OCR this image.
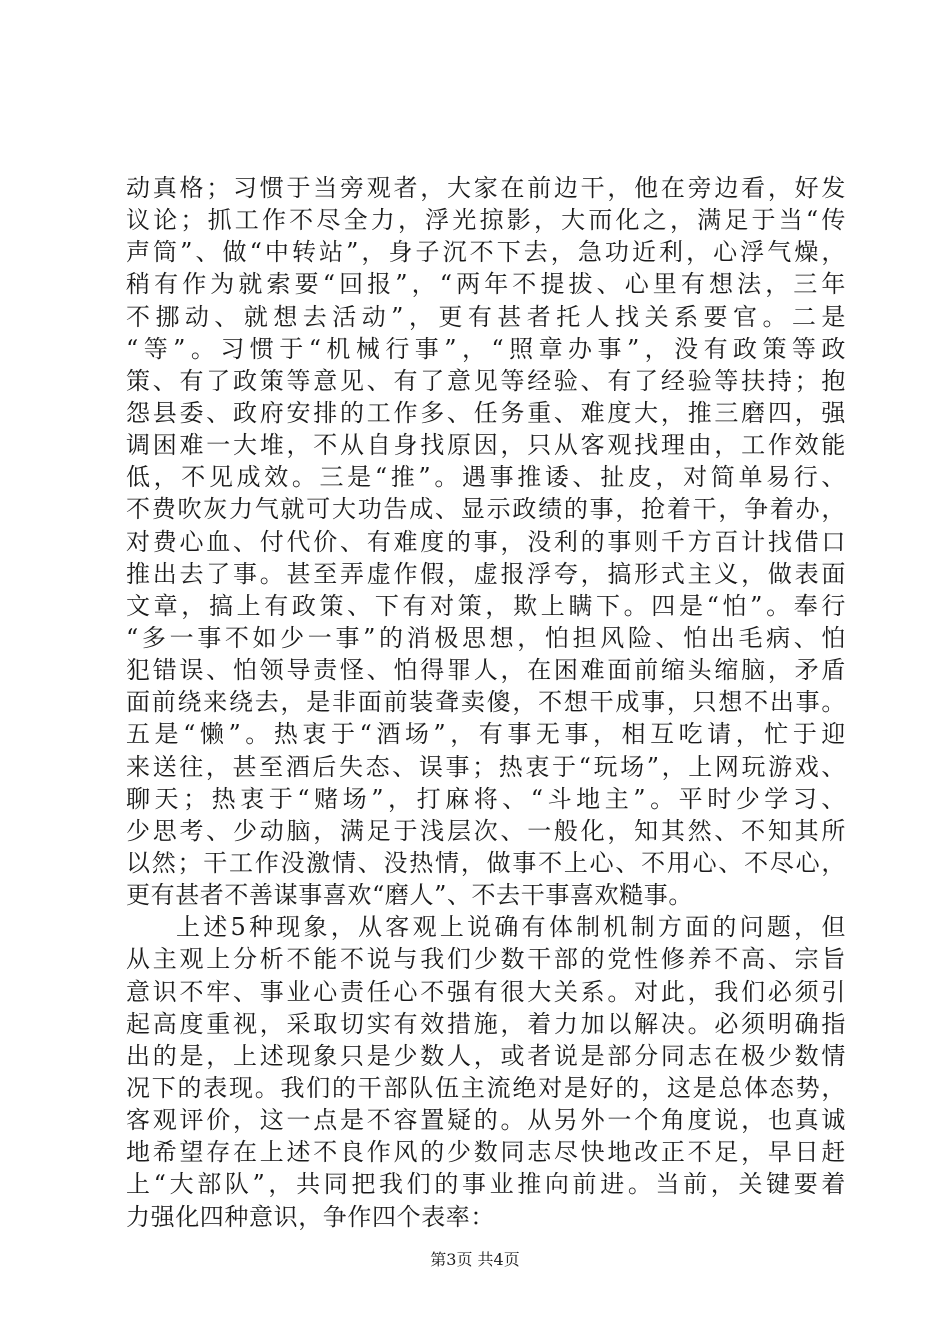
动真格；习惯于当旁观者，大家在前边干，他在旁边看，好发
议论；抓工作不尽全力，浮光掠影，大而化之，满足于当“传
声筒”、做“中转站”，身子沉不下去，急功近利，心浮气燥，
稍有作为就索要“回报”，“两年不提拔、心里有想法，三年
不挪动、就想去活动”，更有甚者托人找关系要官。二是
“等”。习惯于“机械行事”，“照章办事”，没有政策等政
策、有了政策等意见、有了意见等经验、有了经验等扶持；抱
怨县委、政府安排的工作多、任务重、难度大，推三磨四，强
调困难一大堆，不从自身找原因，只从客观找理由，工作效能
低，不见成效。三是“推”。遇事推诿、扯皮，对简单易行、
不费吹灰力气就可大功告成、显示政绩的事，抢着干，争着办，
对费心血、付代价、有难度的事，没利的事则千方百计找借口
推出去了事。甚至弄虚作假，虚报浮夸，搞形式主义，做表面
文章，搞上有政策、下有对策，欺上瞒下。四是“怕”。奉行
“多一事不如少一事”的消极思想，怕担风险、怕出毛病、怕
犯错误、怕领导责怪、怕得罪人，在困难面前缩头缩脑，矛盾
面前绕来绕去，是非面前装聋卖傻，不想干成事，只想不出事。
五是“懒”。热衷于“酒场”，有事无事，相互吃请，忙于迎
来送往，甚至酒后失态、误事；热衷于“玩场”，上网玩游戏、
聊天；热衷于“赌场”，打麻将、“斗地主”。平时少学习、
少思考、少动脑，满足于浅层次、一般化，知其然、不知其所
以然；干工作没激情、没热情，做事不上心、不用心、不尽心，
更有甚者不善谋事喜欢“磨人”、不去干事喜欢糙事。
上述5种现象，从客观上说确有体制机制方面的问题，但
从主观上分析不能不说与我们少数干部的党性修养不高、宗旨
意识不牢、事业心责任心不强有很大关系。对此，我们必须引
起高度重视，采取切实有效措施，着力加以解决。必须明确指
出的是，上述现象只是少数人，或者说是部分同志在极少数情
况下的表现。我们的干部队伍主流绝对是好的，这是总体态势，
客观评价，这一点是不容置疑的。从另外一个角度说，也真诚
地希望存在上述不良作风的少数同志尽快地改正不足，早日赶
上“大部队”，共同把我们的事业推向前进。当前，关键要着
力强化四种意识，争作四个表率：
第3页 共4页
